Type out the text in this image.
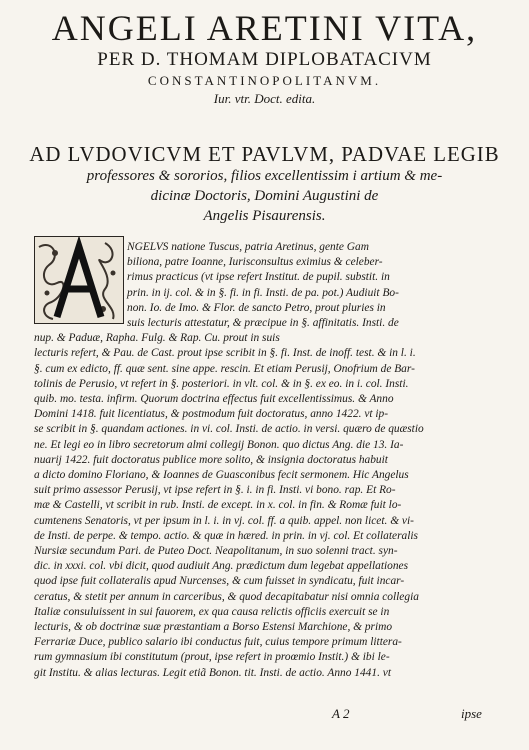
ANGELI ARETINI VITA,
PER D. THOMAM DIPLOBATACIVM
CONSTANTINOPOLITANVM.
Iur. vtr. Doct. edita.
AD LVDOVICVM ET PAVLVM, PADVAE LEGIB
professores & sororios, filios excellentissim i artium & me-
dicinæ Doctoris, Domini Augustini de
Angelis Pisaurensis.
NGELVS natione Tuscus, patria Aretinus, gente Gam
biliona, patre Ioanne, Iurisconsultus eximius & celeber-
rimus practicus (vt ipse refert Institut. de pupil. substit. in
prin. in ij. col. & in §. fi. in fi. Insti. de pa. pot.) Audiuit Bo-
non. Io. de Imo. & Flor. de sancto Petro, prout pluries in
suis lecturis attestatur, & præcipue in §. affinitatis. Insti. de
nup. & Paduæ, Rapha. Fulg. & Rap. Cu. prout in suis
lecturis refert, & Pau. de Cast. prout ipse scribit in §. fi. Inst. de inoff. test. & in l. i.
§. cum ex edicto, ff. quæ sent. sine appe. rescin. Et etiam Perusij, Onofrium de Bar-
tolinis de Perusio, vt refert in §. posteriori. in vlt. col. & in §. ex eo. in i. col. Insti.
quib. mo. testa. infirm. Quorum doctrina effectus fuit excellentissimus. & Anno
Domini 1418. fuit licentiatus, & postmodum fuit doctoratus, anno 1422. vt ip-
se scribit in §. quandam actiones. in vi. col. Insti. de actio. in versi. quæro de quæstio
ne. Et legi eo in libro secretorum almi collegij Bonon. quo dictus Ang. die 13. Ia-
nuarij 1422. fuit doctoratus publice more solito, & insignia doctoratus habuit
a dicto domino Floriano, & Ioannes de Guasconibus fecit sermonem. Hic Angelus
suit primo assessor Perusij, vt ipse refert in §. i. in fi. Insti. vi bono. rap. Et Ro-
mæ & Castelli, vt scribit in rub. Insti. de except. in x. col. in fin. & Romæ fuit lo-
cumtenens Senatoris, vt per ipsum in l. i. in vj. col. ff. a quib. appel. non licet. & vi-
de Insti. de perpe. & tempo. actio. & quæ in hæred. in prin. in vj. col. Et collateralis
Nursiæ secundum Pari. de Puteo Doct. Neapolitanum, in suo solenni tract. syn-
dic. in xxxi. col. vbi dicit, quod audiuit Ang. prædictum dum legebat appellationes
quod ipse fuit collateralis apud Nurcenses, & cum fuisset in syndicatu, fuit incar-
ceratus, & stetit per annum in carceribus, & quod decapitabatur nisi omnia collegia
Italiæ consuluissent in sui fauorem, ex qua causa relictis officiis exercuit se in
lecturis, & ob doctrinæ suæ præstantiam a Borso Estensi Marchione, & primo
Ferrariæ Duce, publico salario ibi conductus fuit, cuius tempore primum littera-
rum gymnasium ibi constitutum (prout, ipse refert in proœmio Instit.) & ibi le-
git Institu. & alias lecturas. Legit etiã Bonon. tit. Insti. de actio. Anno 1441. vt
A 2	ipse
